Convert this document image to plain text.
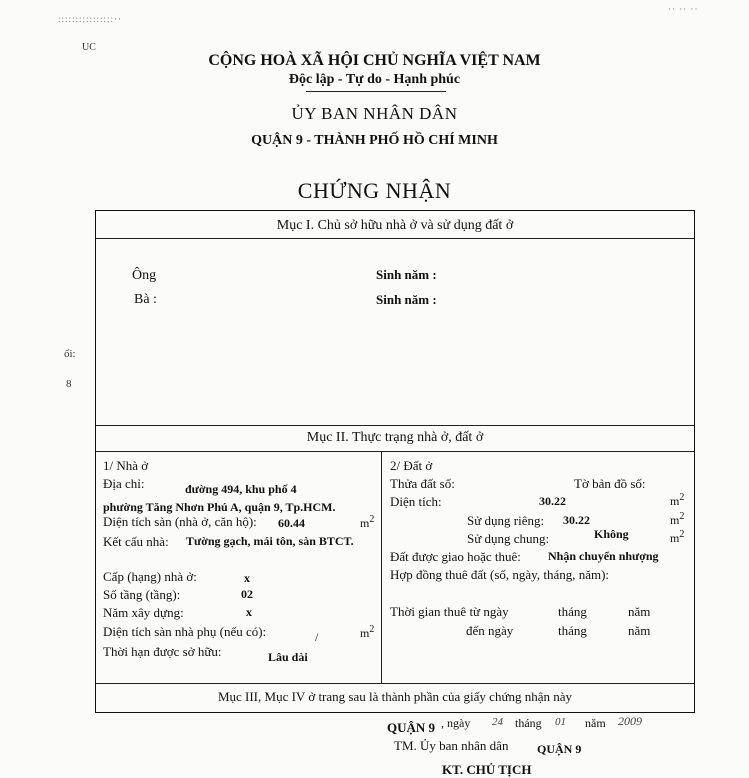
::::::::::::::::··
·· ·· ··
UC
ối:
8
CỘNG HOÀ XÃ HỘI CHỦ NGHĨA VIỆT NAM
Độc lập - Tự do - Hạnh phúc
ỦY BAN NHÂN DÂN
QUẬN 9 - THÀNH PHỐ HỒ CHÍ MINH
CHỨNG NHẬN
Mục I. Chủ sở hữu nhà ở và sử dụng đất ở
Ông
Bà :
Sinh năm :
Sinh năm :
Mục II. Thực trạng nhà ở, đất ở
1/ Nhà ở
Địa chỉ:	đường 494, khu phố 4
phường Tăng Nhơn Phú A, quận 9, Tp.HCM.
Diện tích sàn (nhà ở, căn hộ): 60.44	$m^2$
Kết cấu nhà: Tường gạch, mái tôn, sàn BTCT.
Cấp (hạng) nhà ở:	x
Số tầng (tầng):	02
Năm xây dựng:	x
Diện tích sàn nhà phụ (nếu có):	/	$m^2$
Thời hạn được sở hữu:	Lâu dài
2/ Đất ở
Thửa đất số:	Tờ bản đồ số:
Diện tích:	30.22	$m^2$
Sử dụng riêng: 30.22	$m^2$
Sử dụng chung:	Không	$m^2$
Đất được giao hoặc thuê: Nhận chuyển nhượng
Hợp đồng thuê đất (số, ngày, tháng, năm):
Thời gian thuê từ ngày	tháng	năm
đến ngày	tháng	năm
Mục III, Mục IV ở trang sau là thành phần của giấy chứng nhận này
QUẬN 9 , ngày 24 tháng 01 năm 2009
TM. Ủy ban nhân dân QUẬN 9
KT. CHỦ TỊCH
